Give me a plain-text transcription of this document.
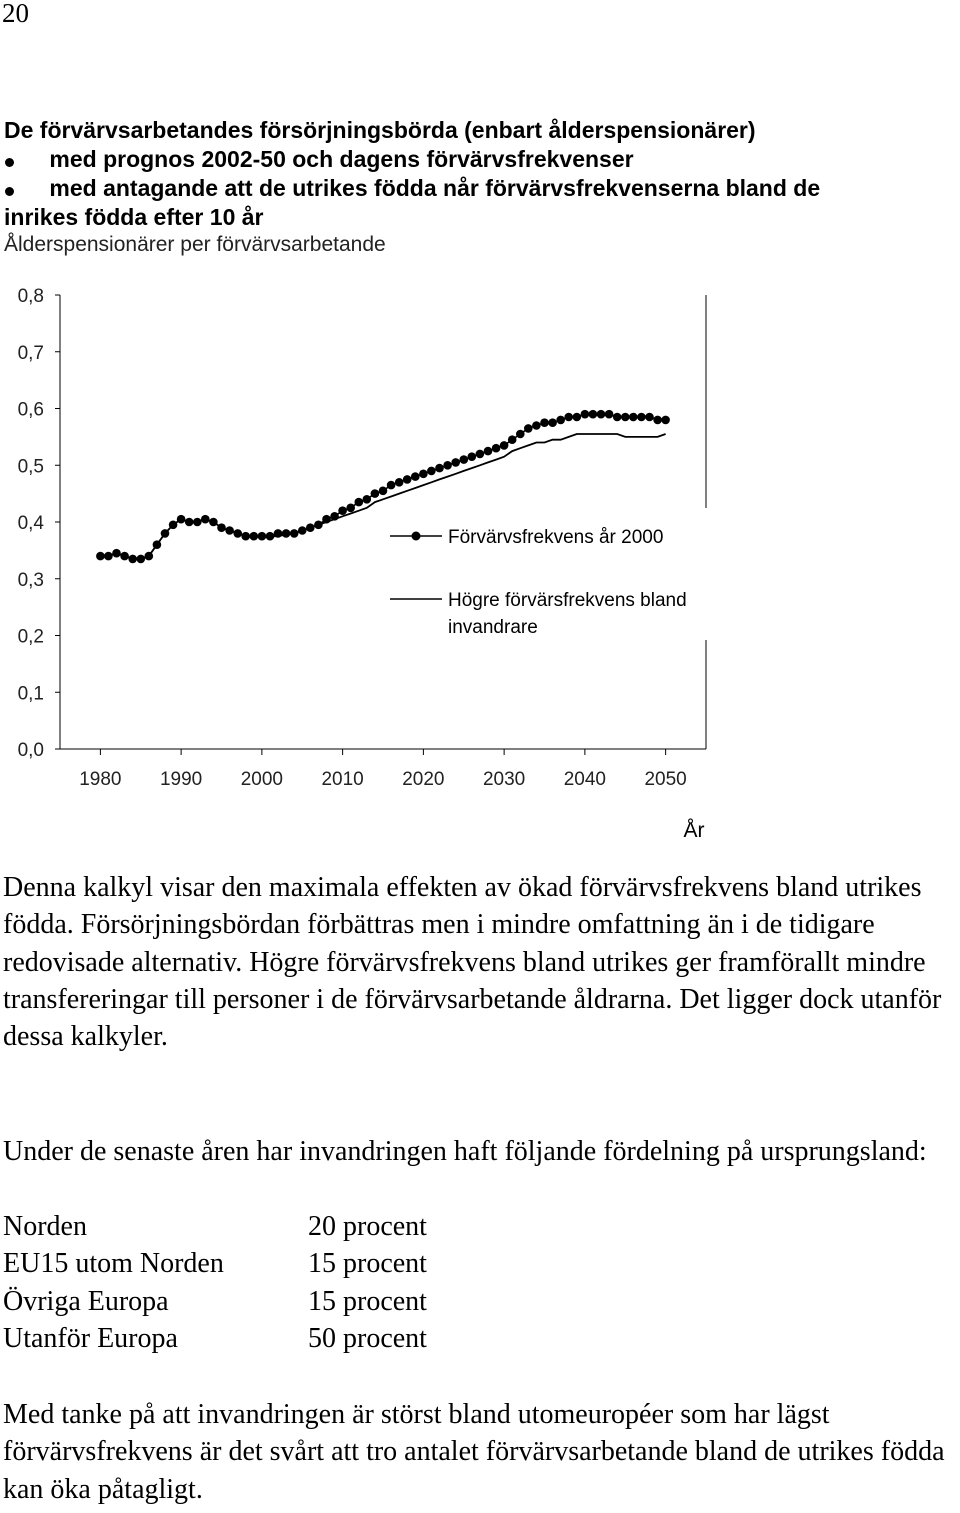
20
De förvärvsarbetandes försörjningsbörda (enbart ålderspensionärer)
med prognos 2002-50 och dagens förvärvsfrekvenser
med antagande att de utrikes födda når förvärvsfrekvenserna bland de
inrikes födda efter 10 år
Ålderspensionärer per förvärvsarbetande
0,0
0,1
0,2
0,3
0,4
0,5
0,6
0,7
0,8
1980 1990 2000 2010 2020 2030 2040 2050
Förvärvsfrekvens år 2000
Högre förvärsfrekvens bland invandrare
År
Denna kalkyl visar den maximala effekten av ökad förvärvsfrekvens bland utrikes födda. Försörjningsbördan förbättras men i mindre omfattning än i de tidigare redovisade alternativ. Högre förvärvsfrekvens bland utrikes ger framförallt mindre transfereringar till personer i de förvärvsarbetande åldrarna. Det ligger dock utanför dessa kalkyler.
Under de senaste åren har invandringen haft följande fördelning på ursprungsland:
Norden	20 procent
EU15 utom Norden	15 procent
Övriga Europa	15 procent
Utanför Europa	50 procent
Med tanke på att invandringen är störst bland utomeuropéer som har lägst förvärvsfrekvens är det svårt att tro antalet förvärvsarbetande bland de utrikes födda kan öka påtagligt.
